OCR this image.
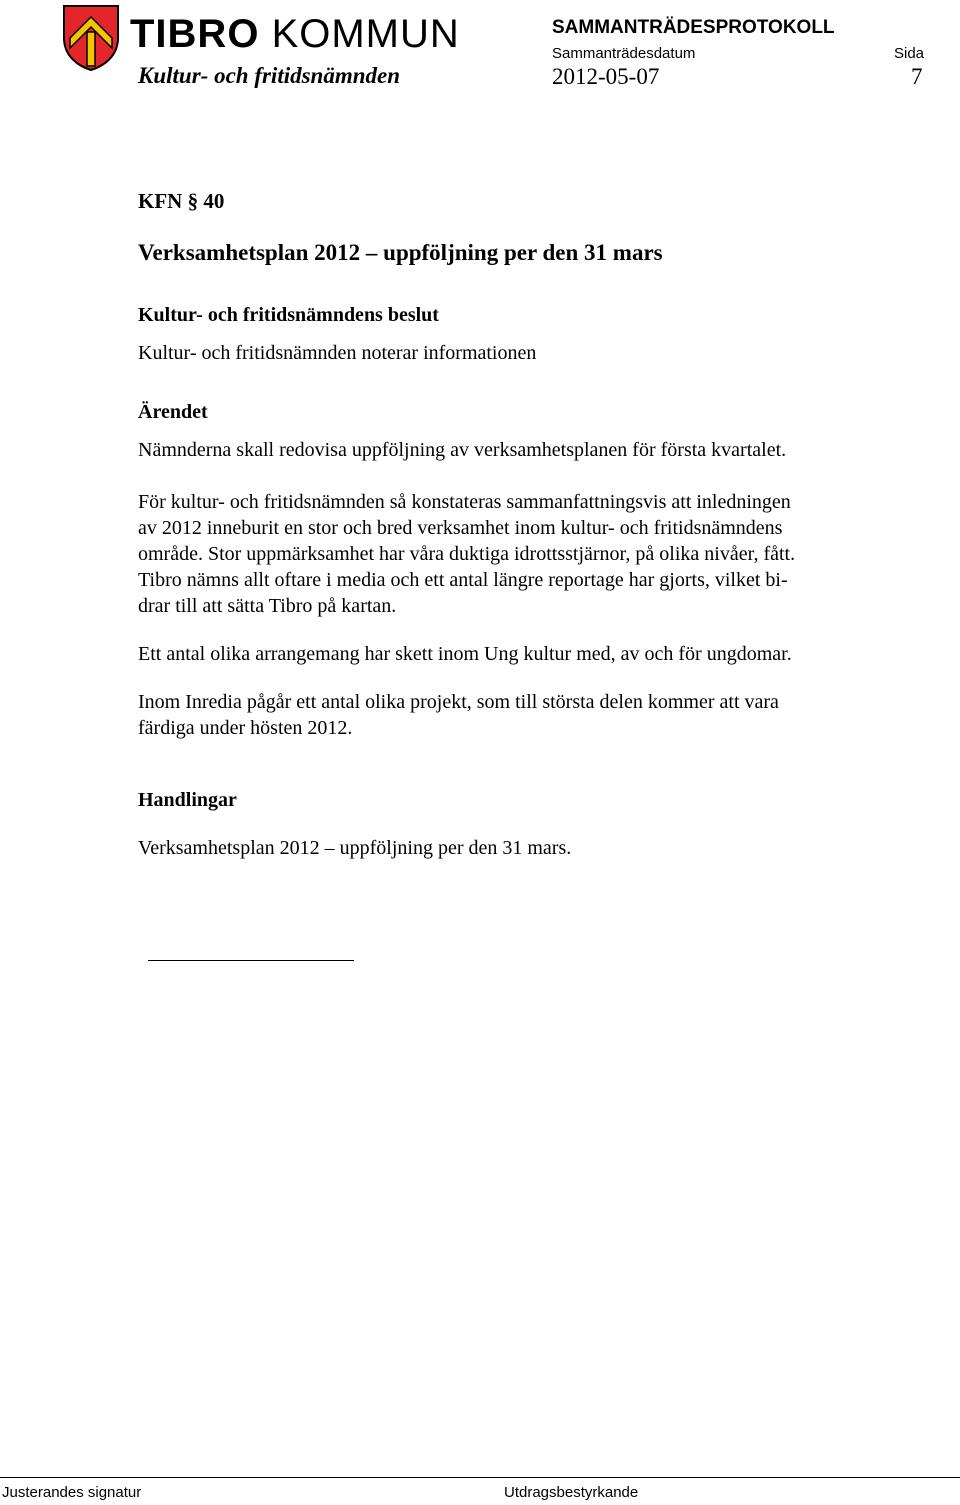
TIBRO KOMMUN
Kultur- och fritidsnämnden
SAMMANTRÄDESPROTOKOLL
Sammanträdesdatum	Sida
2012-05-07	7

KFN § 40

Verksamhetsplan 2012 – uppföljning per den 31 mars

Kultur- och fritidsnämndens beslut

Kultur- och fritidsnämnden noterar informationen

Ärendet

Nämnderna skall redovisa uppföljning av verksamhetsplanen för första kvartalet.

För kultur- och fritidsnämnden så konstateras sammanfattningsvis att inledningen

av 2012 inneburit en stor och bred verksamhet inom kultur- och fritidsnämndens

område. Stor uppmärksamhet har våra duktiga idrottsstjärnor, på olika nivåer, fått.

Tibro nämns allt oftare i media och ett antal längre reportage har gjorts, vilket bi-

drar till att sätta Tibro på kartan.

Ett antal olika arrangemang har skett inom Ung kultur med, av och för ungdomar.

Inom Inredia pågår ett antal olika projekt, som till största delen kommer att vara

färdiga under hösten 2012.

Handlingar

Verksamhetsplan 2012 – uppföljning per den 31 mars.

Justerandes signatur	Utdragsbestyrkande
